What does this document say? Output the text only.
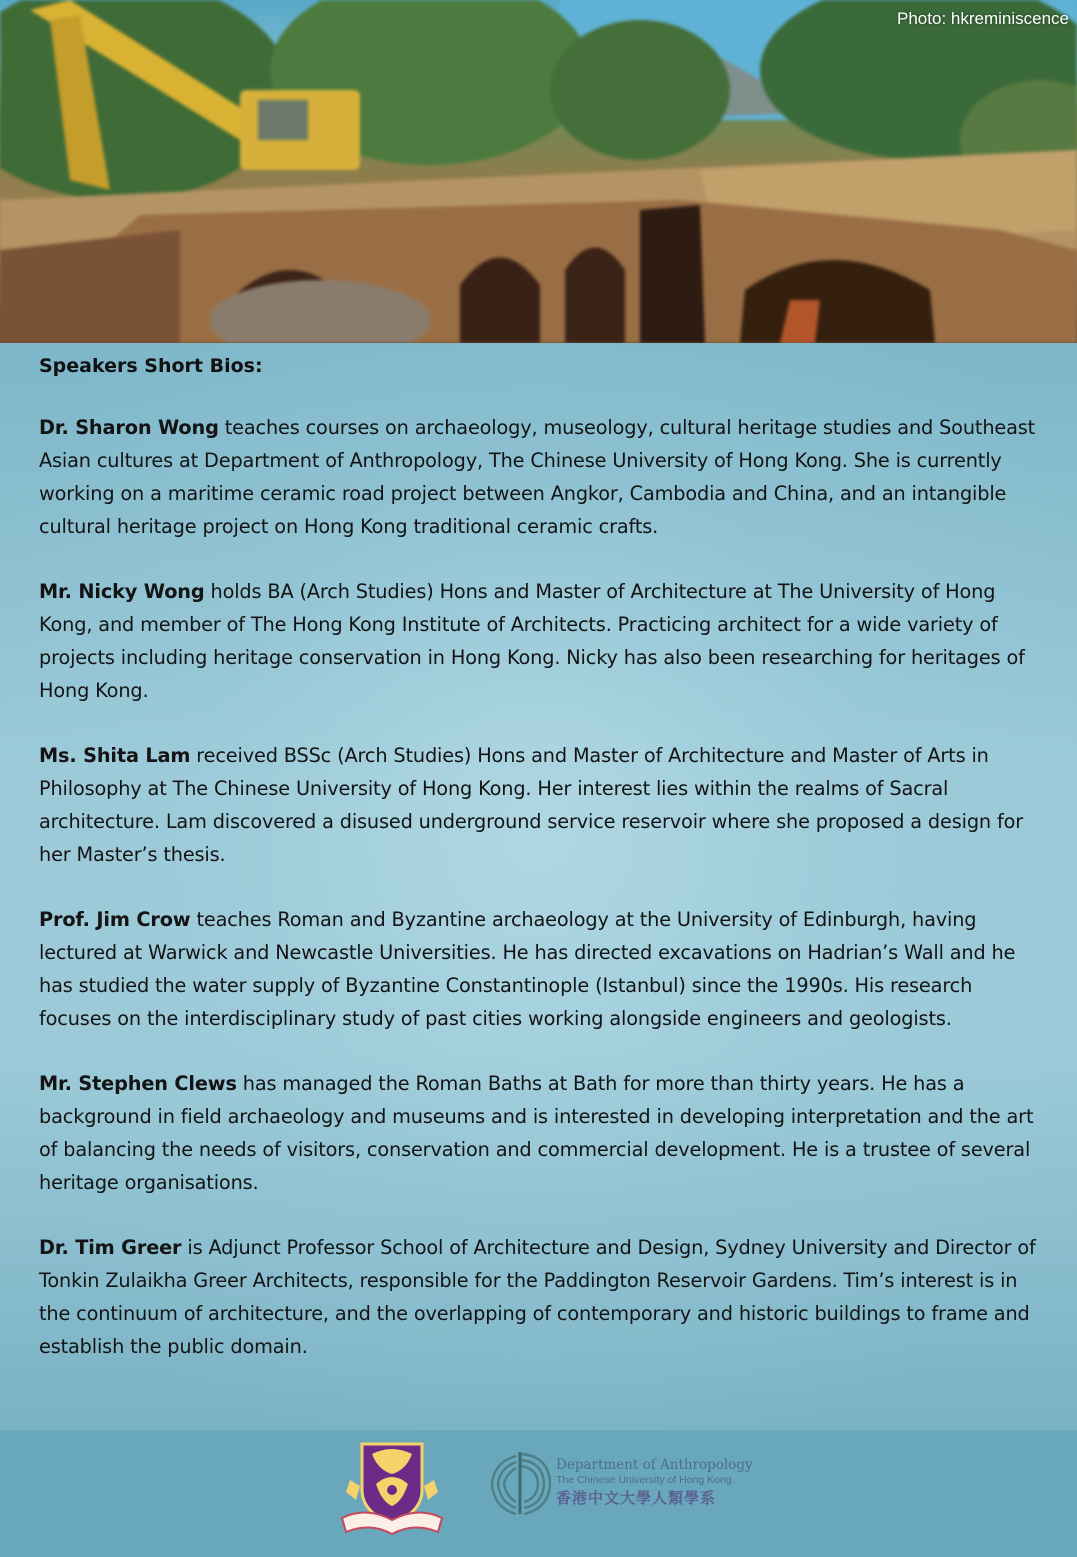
Photo: hkreminiscence
Speakers Short Bios:

Dr. Sharon Wong teaches courses on archaeology, museology, cultural heritage studies and Southeast Asian cultures at Department of Anthropology, The Chinese University of Hong Kong. She is currently working on a maritime ceramic road project between Angkor, Cambodia and China, and an intangible cultural heritage project on Hong Kong traditional ceramic crafts.

Mr. Nicky Wong holds BA (Arch Studies) Hons and Master of Architecture at The University of Hong Kong, and member of The Hong Kong Institute of Architects. Practicing architect for a wide variety of projects including heritage conservation in Hong Kong. Nicky has also been researching for heritages of Hong Kong.

Ms. Shita Lam received BSSc (Arch Studies) Hons and Master of Architecture and Master of Arts in Philosophy at The Chinese University of Hong Kong. Her interest lies within the realms of Sacral architecture. Lam discovered a disused underground service reservoir where she proposed a design for her Master’s thesis.

Prof. Jim Crow teaches Roman and Byzantine archaeology at the University of Edinburgh, having lectured at Warwick and Newcastle Universities. He has directed excavations on Hadrian’s Wall and he has studied the water supply of Byzantine Constantinople (Istanbul) since the 1990s. His research focuses on the interdisciplinary study of past cities working alongside engineers and geologists.

Mr. Stephen Clews has managed the Roman Baths at Bath for more than thirty years. He has a background in field archaeology and museums and is interested in developing interpretation and the art of balancing the needs of visitors, conservation and commercial development. He is a trustee of several heritage organisations.

Dr. Tim Greer is Adjunct Professor School of Architecture and Design, Sydney University and Director of Tonkin Zulaikha Greer Architects, responsible for the Paddington Reservoir Gardens. Tim’s interest is in the continuum of architecture, and the overlapping of contemporary and historic buildings to frame and establish the public domain.

Department of Anthropology
The Chinese University of Hong Kong
香港中文大學人類學系
